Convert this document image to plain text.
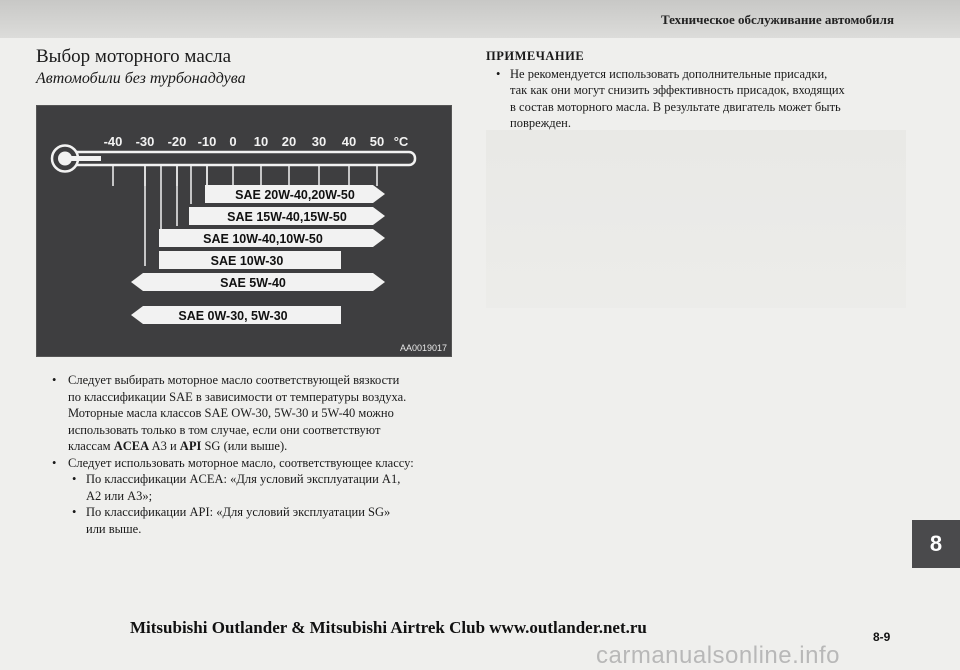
Техническое обслуживание автомобиля
Выбор моторного масла
Автомобили без турбонаддува
-40 -30 -20 -10 0 10 20 30 40 50 °C
SAE 20W-40,20W-50
SAE 15W-40,15W-50
SAE 10W-40,10W-50
SAE 10W-30
SAE 5W-40
SAE 0W-30, 5W-30
AA0019017
• Следует выбирать моторное масло соответствующей вязкости
по классификации SAE в зависимости от температуры воздуха.
Моторные масла классов SAE OW-30, 5W-30 и 5W-40 можно
использовать только в том случае, если они соответствуют
классам ACEA A3 и API SG (или выше).
• Следует использовать моторное масло, соответствующее классу:
• По классификации ACEA: «Для условий эксплуатации A1,
A2 или A3»;
• По классификации API: «Для условий эксплуатации SG»
или выше.
ПРИМЕЧАНИЕ
• Не рекомендуется использовать дополнительные присадки,
так как они могут снизить эффективность присадок, входящих
в состав моторного масла. В результате двигатель может быть
поврежден.
8
Mitsubishi Outlander & Mitsubishi Airtrek Club www.outlander.net.ru	8-9
carmanualsonline.info
